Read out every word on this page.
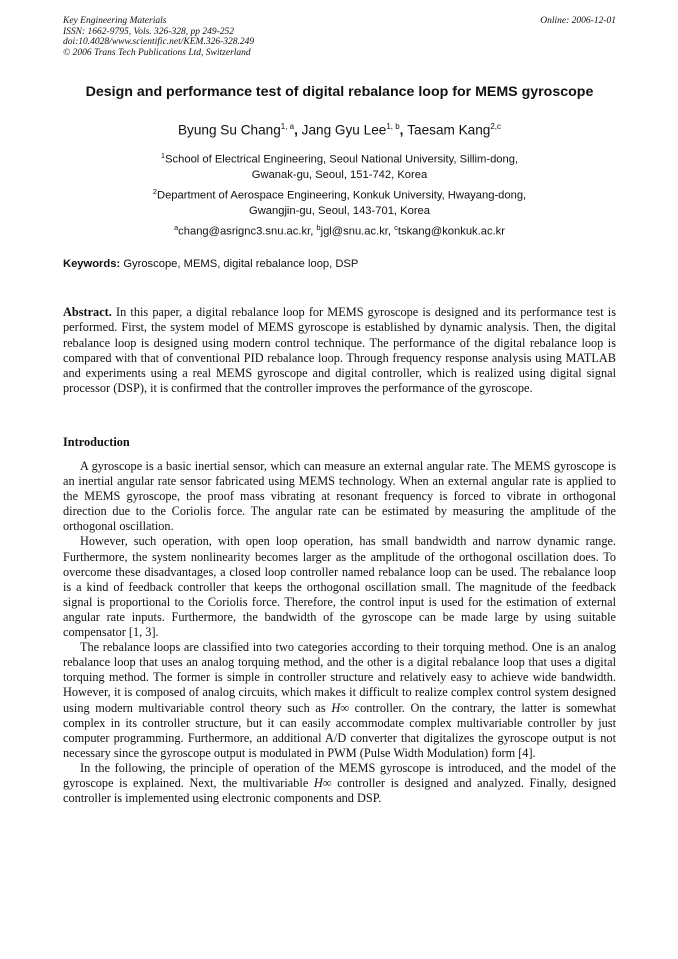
Key Engineering Materials
ISSN: 1662-9795, Vols. 326-328, pp 249-252
doi:10.4028/www.scientific.net/KEM.326-328.249
© 2006 Trans Tech Publications Ltd, Switzerland
Online: 2006-12-01
Design and performance test of digital rebalance loop for MEMS gyroscope
Byung Su Chang$^{1, a}$, Jang Gyu Lee$^{1, b}$, Taesam Kang$^{2,c}$
$^1$School of Electrical Engineering, Seoul National University, Sillim-dong,
Gwanak-gu, Seoul, 151-742, Korea
$^2$Department of Aerospace Engineering, Konkuk University, Hwayang-dong,
Gwangjin-gu, Seoul, 143-701, Korea
$^a$chang@asrignc3.snu.ac.kr, $^b$jgl@snu.ac.kr, $^c$tskang@konkuk.ac.kr
Keywords: Gyroscope, MEMS, digital rebalance loop, DSP
Abstract. In this paper, a digital rebalance loop for MEMS gyroscope is designed and its performance test is performed. First, the system model of MEMS gyroscope is established by dynamic analysis. Then, the digital rebalance loop is designed using modern control technique. The performance of the digital rebalance loop is compared with that of conventional PID rebalance loop. Through frequency response analysis using MATLAB and experiments using a real MEMS gyroscope and digital controller, which is realized using digital signal processor (DSP), it is confirmed that the controller improves the performance of the gyroscope.
Introduction

A gyroscope is a basic inertial sensor, which can measure an external angular rate. The MEMS gyroscope is an inertial angular rate sensor fabricated using MEMS technology. When an external angular rate is applied to the MEMS gyroscope, the proof mass vibrating at resonant frequency is forced to vibrate in orthogonal direction due to the Coriolis force. The angular rate can be estimated by measuring the amplitude of the orthogonal oscillation.

However, such operation, with open loop operation, has small bandwidth and narrow dynamic range. Furthermore, the system nonlinearity becomes larger as the amplitude of the orthogonal oscillation does. To overcome these disadvantages, a closed loop controller named rebalance loop can be used. The rebalance loop is a kind of feedback controller that keeps the orthogonal oscillation small. The magnitude of the feedback signal is proportional to the Coriolis force. Therefore, the control input is used for the estimation of external angular rate inputs. Furthermore, the bandwidth of the gyroscope can be made large by using suitable compensator [1, 3].

The rebalance loops are classified into two categories according to their torquing method. One is an analog rebalance loop that uses an analog torquing method, and the other is a digital rebalance loop that uses a digital torquing method. The former is simple in controller structure and relatively easy to achieve wide bandwidth. However, it is composed of analog circuits, which makes it difficult to realize complex control system designed using modern multivariable control theory such as H∞ controller. On the contrary, the latter is somewhat complex in its controller structure, but it can easily accommodate complex multivariable controller by just computer programming. Furthermore, an additional A/D converter that digitalizes the gyroscope output is not necessary since the gyroscope output is modulated in PWM (Pulse Width Modulation) form [4].

In the following, the principle of operation of the MEMS gyroscope is introduced, and the model of the gyroscope is explained. Next, the multivariable H∞ controller is designed and analyzed. Finally, designed controller is implemented using electronic components and DSP.
